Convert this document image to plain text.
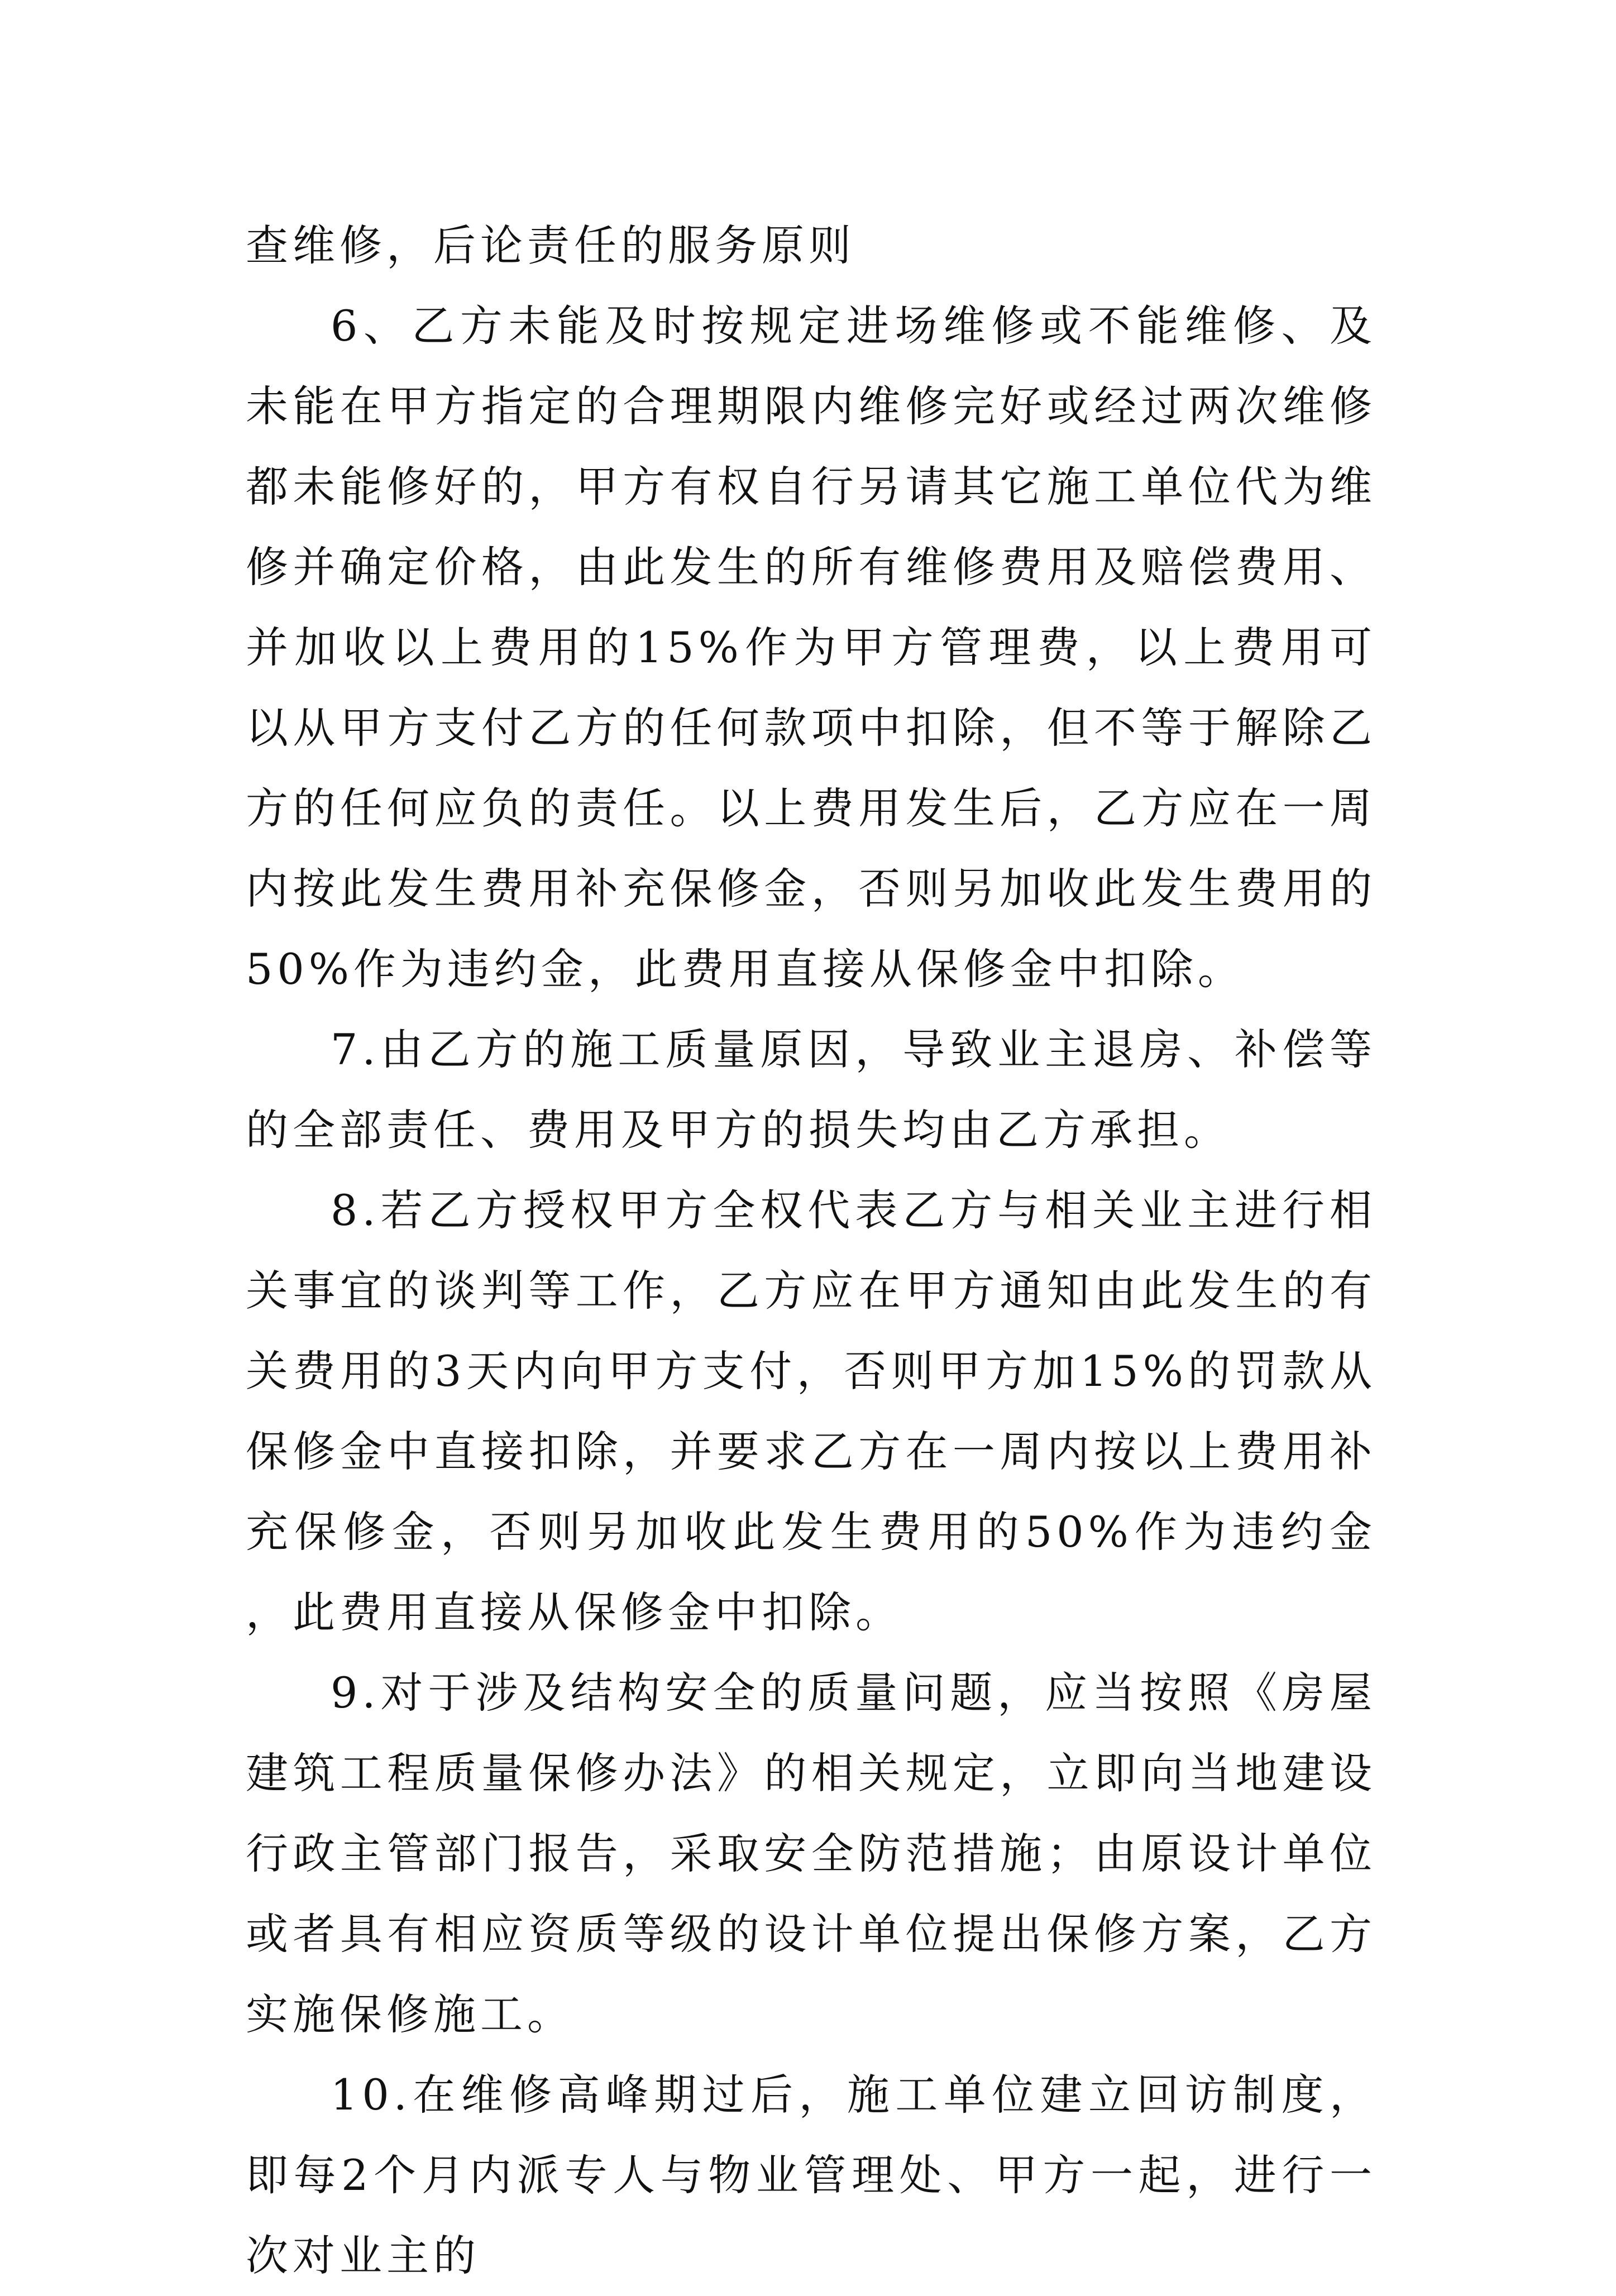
查维修，后论责任的服务原则

6、乙方未能及时按规定进场维修或不能维修、及未能在甲方指定的合理期限内维修完好或经过两次维修都未能修好的，甲方有权自行另请其它施工单位代为维修并确定价格，由此发生的所有维修费用及赔偿费用、并加收以上费用的15%作为甲方管理费，以上费用可以从甲方支付乙方的任何款项中扣除，但不等于解除乙方的任何应负的责任。以上费用发生后，乙方应在一周内按此发生费用补充保修金，否则另加收此发生费用的50%作为违约金，此费用直接从保修金中扣除。

7.由乙方的施工质量原因，导致业主退房、补偿等的全部责任、费用及甲方的损失均由乙方承担。

8.若乙方授权甲方全权代表乙方与相关业主进行相关事宜的谈判等工作，乙方应在甲方通知由此发生的有关费用的3天内向甲方支付，否则甲方加15%的罚款从保修金中直接扣除，并要求乙方在一周内按以上费用补充保修金，否则另加收此发生费用的50%作为违约金，此费用直接从保修金中扣除。

9.对于涉及结构安全的质量问题，应当按照《房屋建筑工程质量保修办法》的相关规定，立即向当地建设行政主管部门报告，采取安全防范措施；由原设计单位或者具有相应资质等级的设计单位提出保修方案，乙方实施保修施工。

10.在维修高峰期过后，施工单位建立回访制度，即每2个月内派专人与物业管理处、甲方一起，进行一次对业主的
